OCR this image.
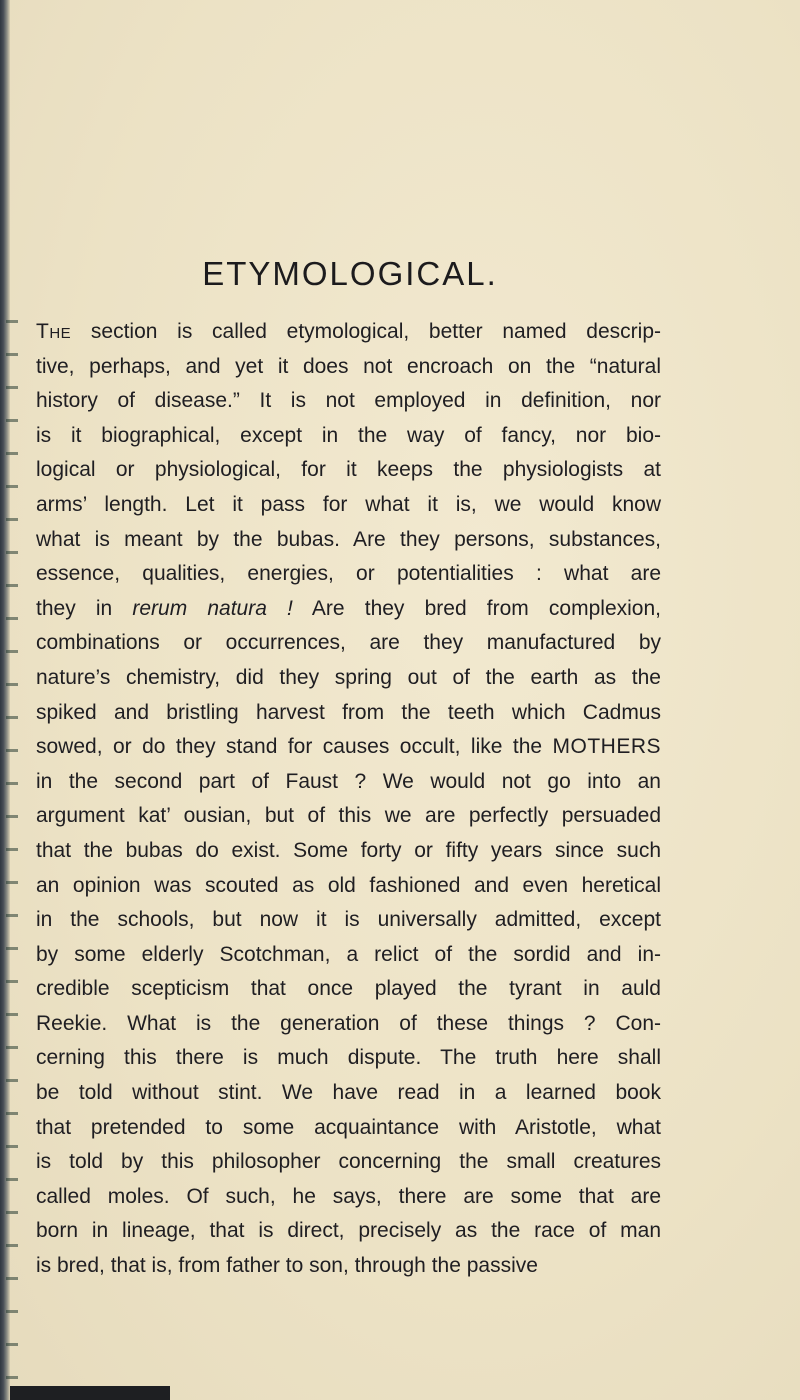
ETYMOLOGICAL.
The section is called etymological, better named descrip-
tive, perhaps, and yet it does not encroach on the “natural
history of disease.” It is not employed in definition, nor
is it biographical, except in the way of fancy, nor bio-
logical or physiological, for it keeps the physiologists at
arms’ length. Let it pass for what it is, we would know
what is meant by the bubas. Are they persons, substances,
essence, qualities, energies, or potentialities : what are
they in rerum natura ! Are they bred from complexion,
combinations or occurrences, are they manufactured by
nature’s chemistry, did they spring out of the earth as the
spiked and bristling harvest from the teeth which Cadmus
sowed, or do they stand for causes occult, like the MOTHERS
in the second part of Faust ? We would not go into an
argument kat’ ousian, but of this we are perfectly persuaded
that the bubas do exist. Some forty or fifty years since such
an opinion was scouted as old fashioned and even heretical
in the schools, but now it is universally admitted, except
by some elderly Scotchman, a relict of the sordid and in-
credible scepticism that once played the tyrant in auld
Reekie. What is the generation of these things ? Con-
cerning this there is much dispute. The truth here shall
be told without stint. We have read in a learned book
that pretended to some acquaintance with Aristotle, what
is told by this philosopher concerning the small creatures
called moles. Of such, he says, there are some that are
born in lineage, that is direct, precisely as the race of man
is bred, that is, from father to son, through the passive
